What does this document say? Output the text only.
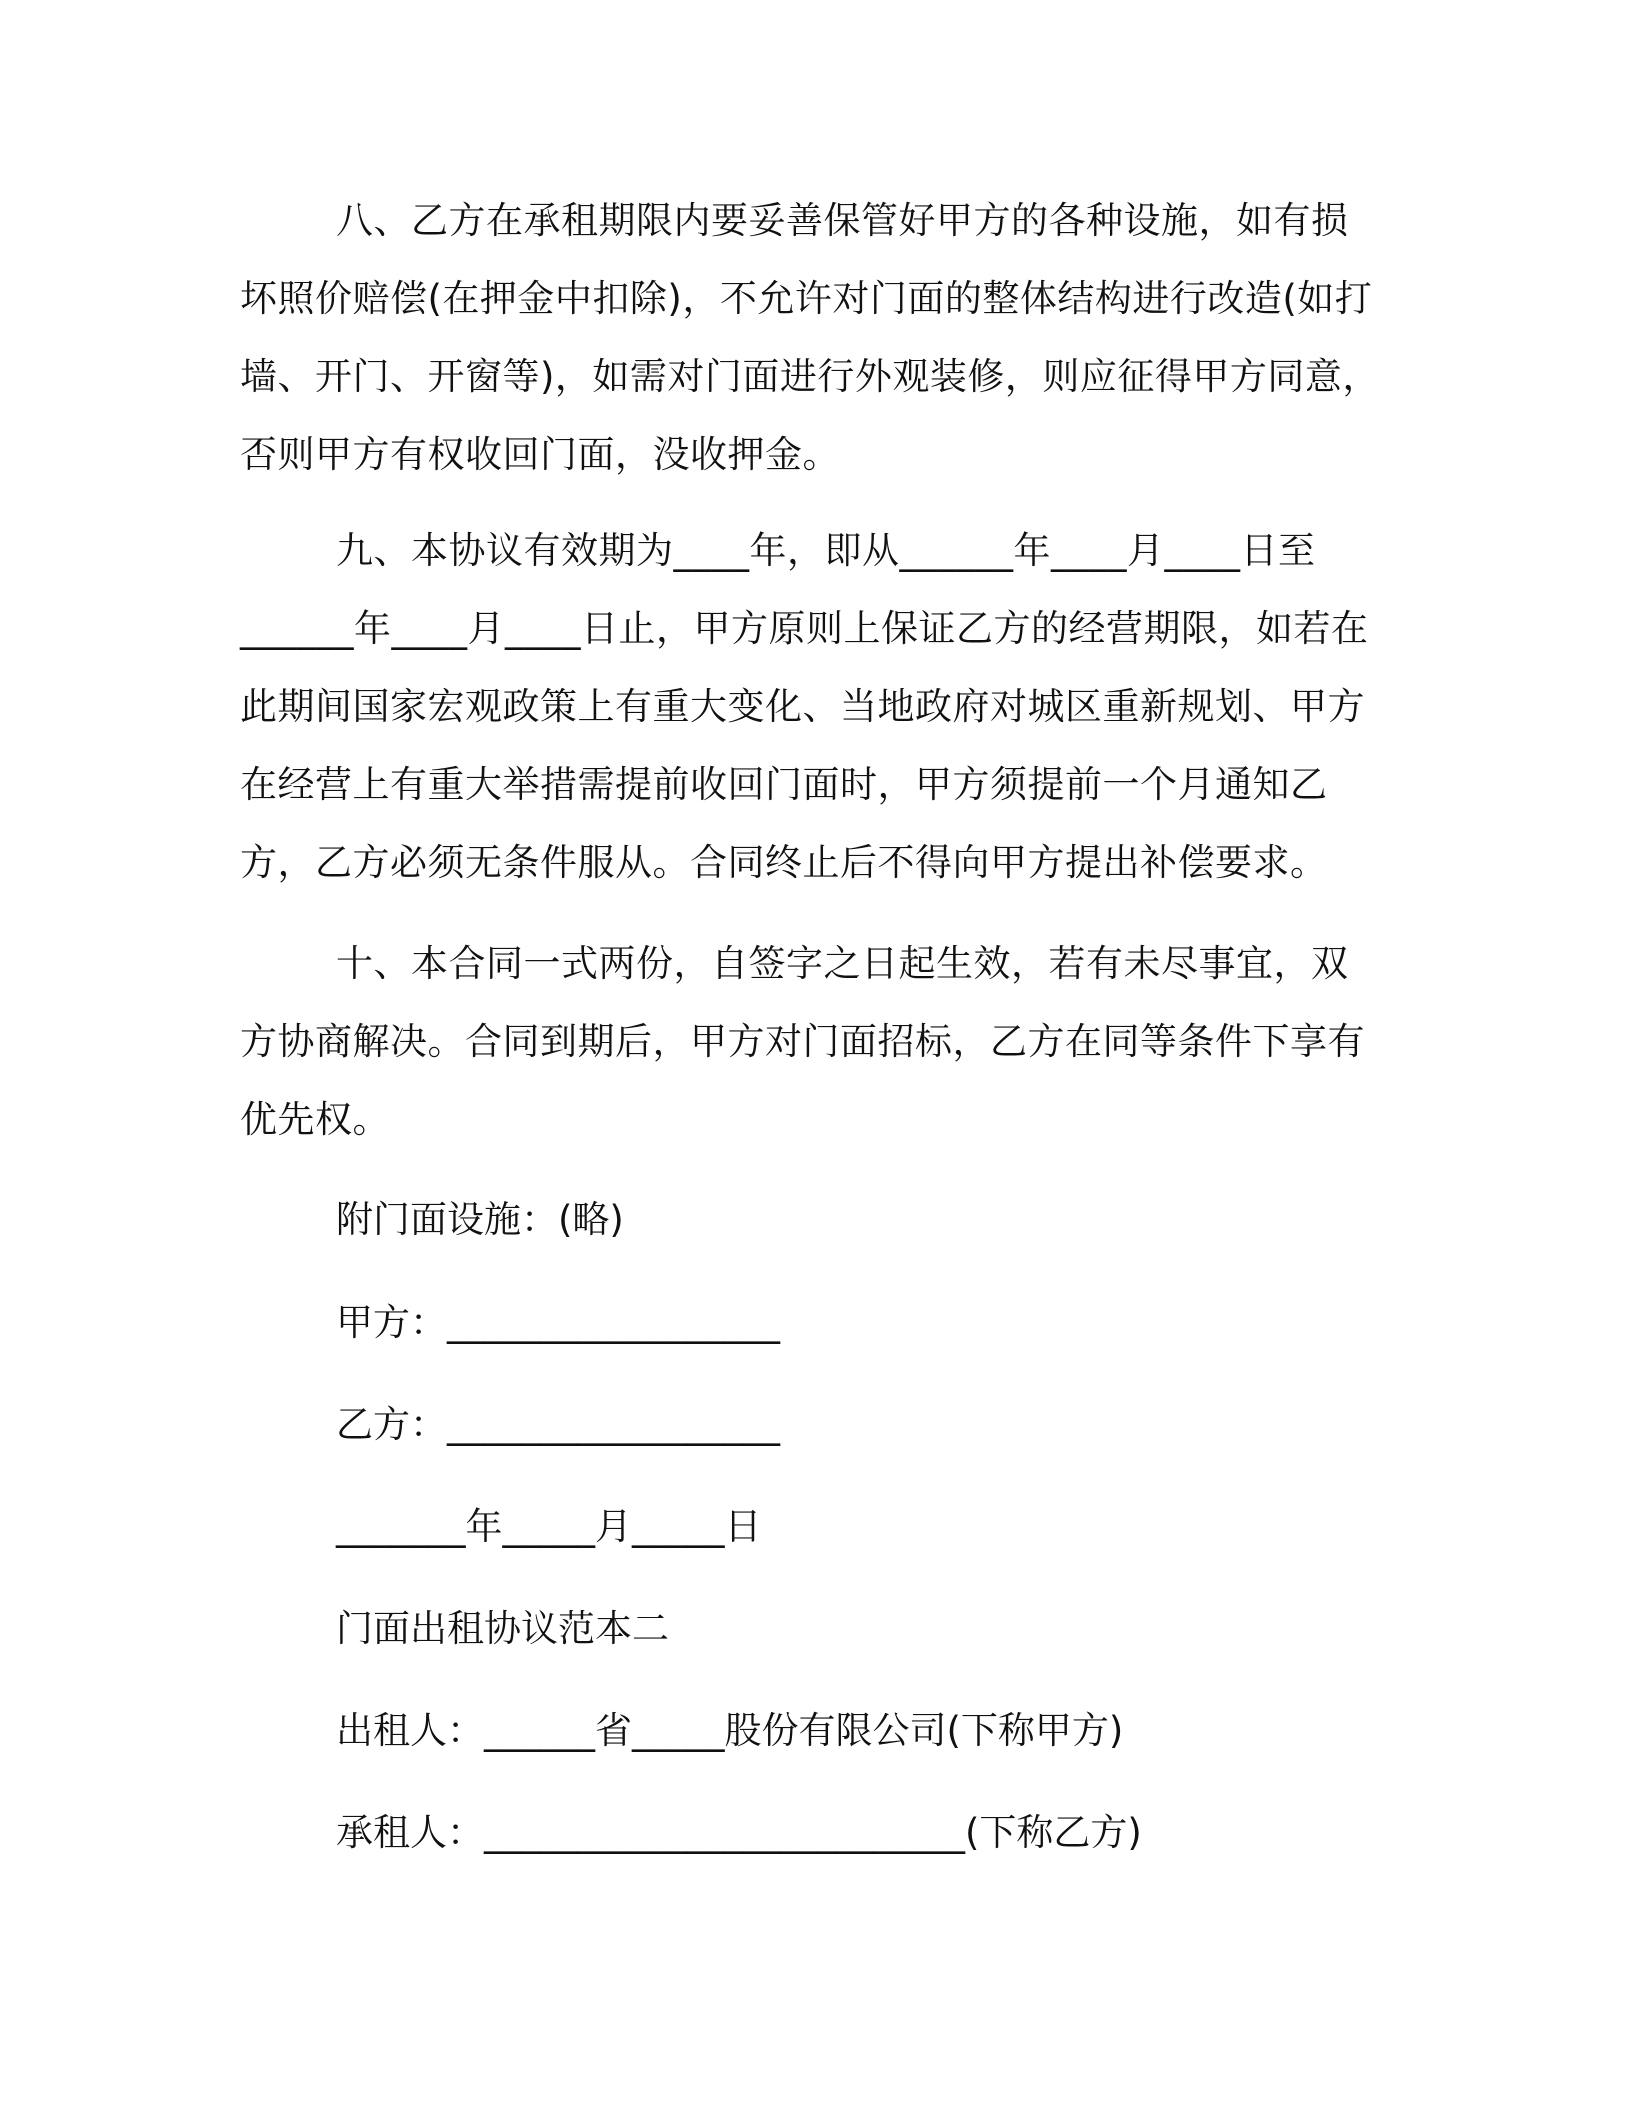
八、乙方在承租期限内要妥善保管好甲方的各种设施，如有损坏照价赔偿(在押金中扣除)，不允许对门面的整体结构进行改造(如打墙、开门、开窗等)，如需对门面进行外观装修，则应征得甲方同意，否则甲方有权收回门面，没收押金。

九、本协议有效期为____年，即从______年____月____日至______年____月____日止，甲方原则上保证乙方的经营期限，如若在此期间国家宏观政策上有重大变化、当地政府对城区重新规划、甲方在经营上有重大举措需提前收回门面时，甲方须提前一个月通知乙方，乙方必须无条件服从。合同终止后不得向甲方提出补偿要求。

十、本合同一式两份，自签字之日起生效，若有未尽事宜，双方协商解决。合同到期后，甲方对门面招标，乙方在同等条件下享有优先权。

附门面设施：(略)

甲方：__________________

乙方：__________________

_______年_____月_____日

门面出租协议范本二

出租人：______省_____股份有限公司(下称甲方)

承租人：__________________________(下称乙方)
